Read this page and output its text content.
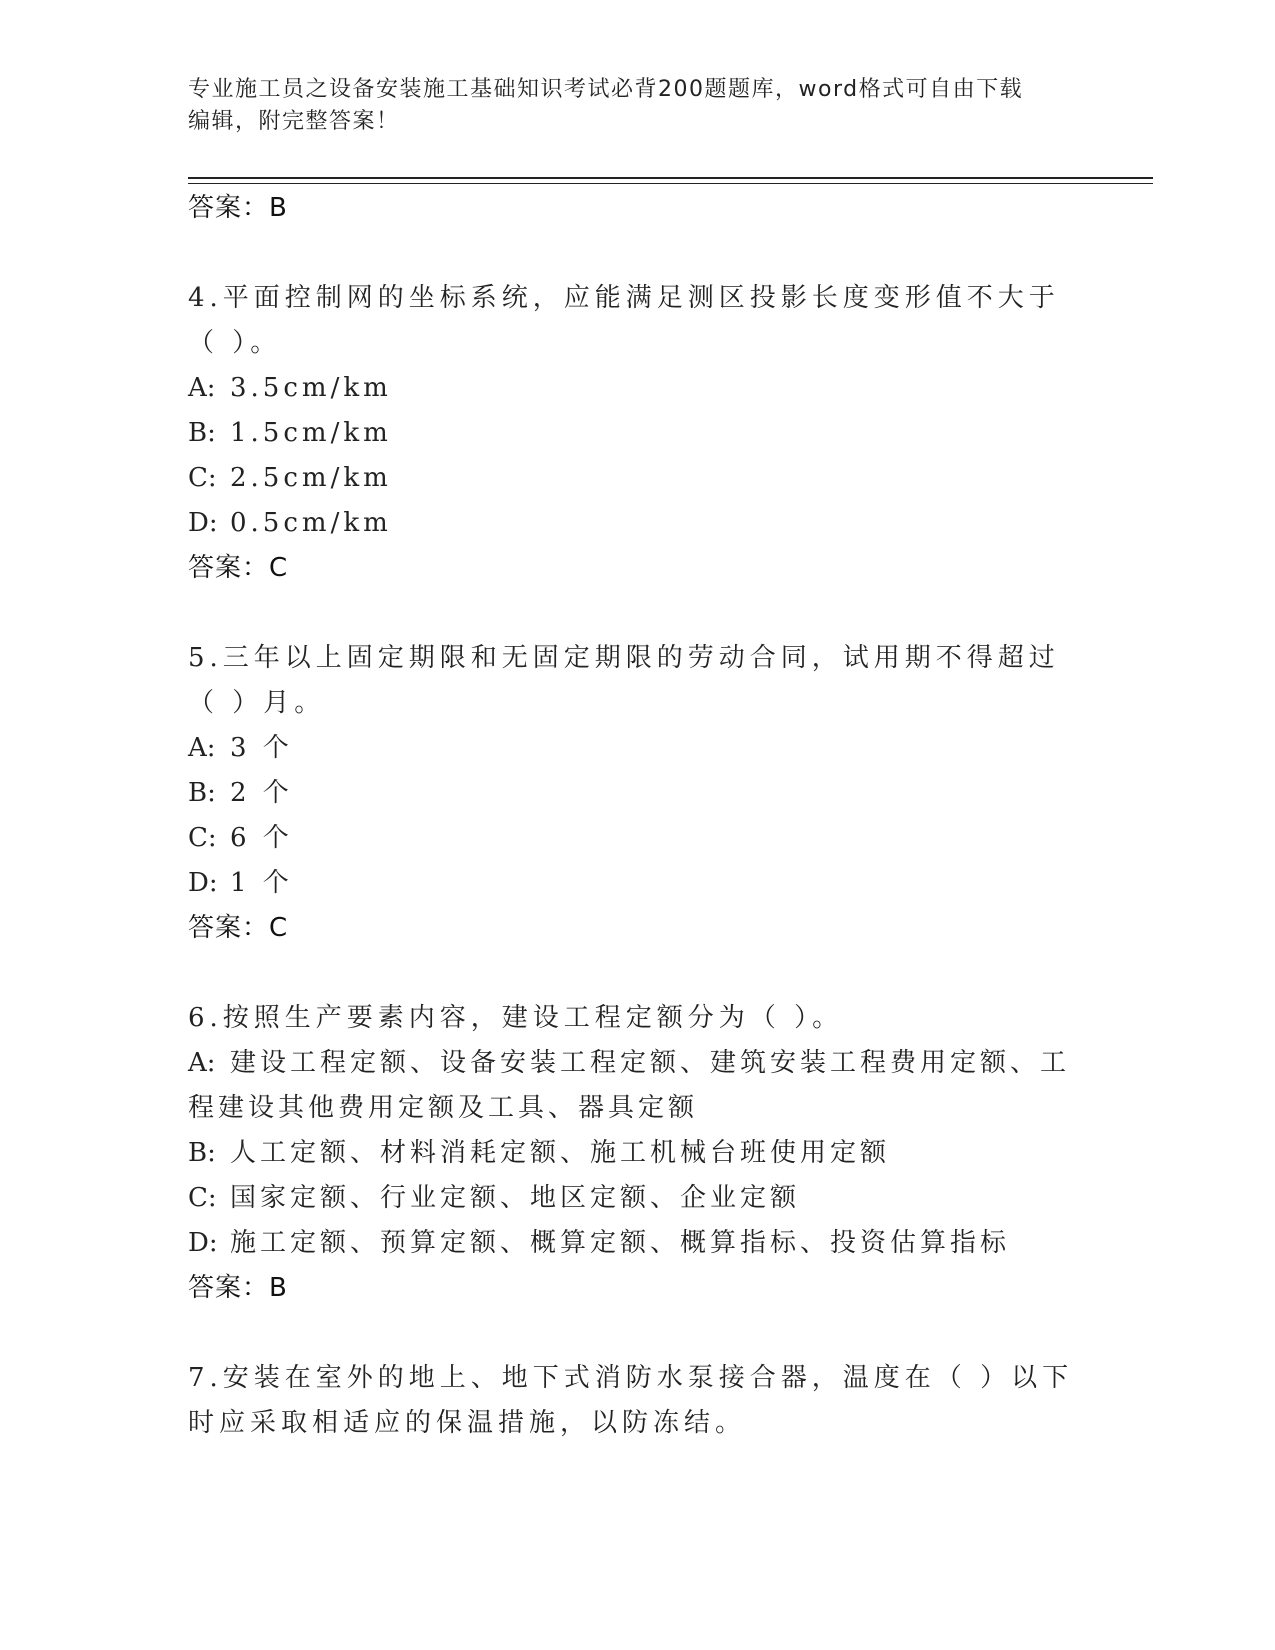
专业施工员之设备安装施工基础知识考试必背200题题库，word格式可自由下载
编辑，附完整答案！
答案：B
4.平面控制网的坐标系统，应能满足测区投影长度变形值不大于（ ）。
A: 3.5cm/km
B: 1.5cm/km
C: 2.5cm/km
D: 0.5cm/km
答案：C
5.三年以上固定期限和无固定期限的劳动合同，试用期不得超过（ ）月。
A: 3 个
B: 2 个
C: 6 个
D: 1 个
答案：C
6.按照生产要素内容，建设工程定额分为（ ）。
A: 建设工程定额、设备安装工程定额、建筑安装工程费用定额、工程建设其他费用定额及工具、器具定额
B: 人工定额、材料消耗定额、施工机械台班使用定额
C: 国家定额、行业定额、地区定额、企业定额
D: 施工定额、预算定额、概算定额、概算指标、投资估算指标
答案：B
7.安装在室外的地上、地下式消防水泵接合器，温度在（ ）以下时应采取相适应的保温措施，以防冻结。
